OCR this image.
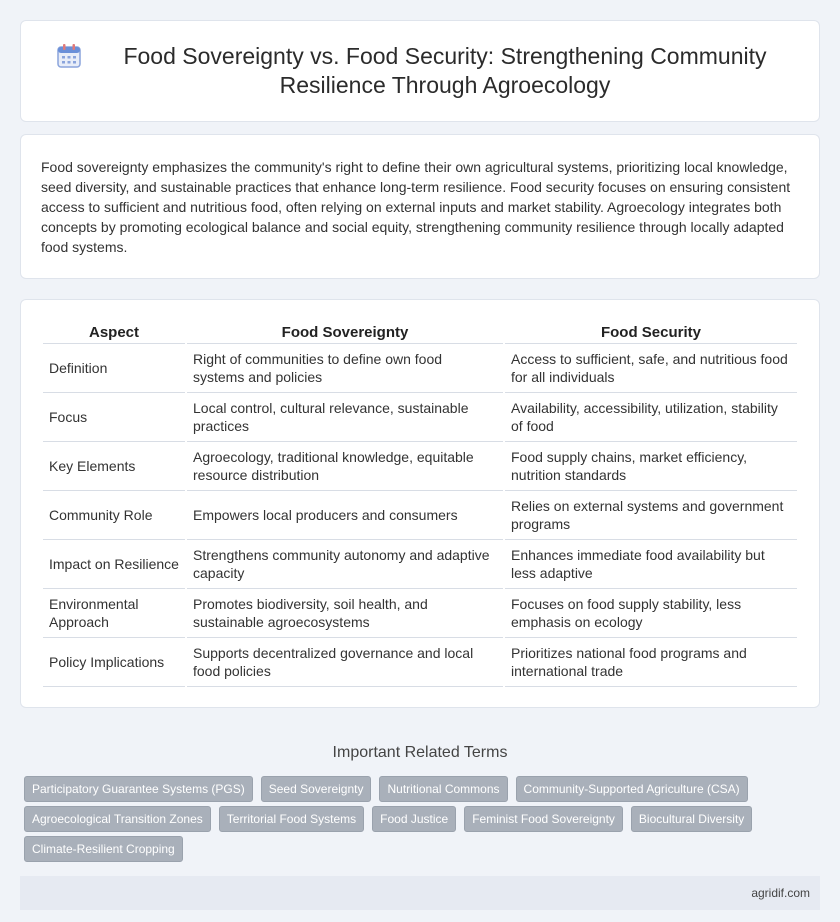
Food Sovereignty vs. Food Security: Strengthening Community Resilience Through Agroecology

Food sovereignty emphasizes the community's right to define their own agricultural systems, prioritizing local knowledge, seed diversity, and sustainable practices that enhance long-term resilience. Food security focuses on ensuring consistent access to sufficient and nutritious food, often relying on external inputs and market stability. Agroecology integrates both concepts by promoting ecological balance and social equity, strengthening community resilience through locally adapted food systems.

Aspect	Food Sovereignty	Food Security
Definition	Right of communities to define own food systems and policies	Access to sufficient, safe, and nutritious food for all individuals
Focus	Local control, cultural relevance, sustainable practices	Availability, accessibility, utilization, stability of food
Key Elements	Agroecology, traditional knowledge, equitable resource distribution	Food supply chains, market efficiency, nutrition standards
Community Role	Empowers local producers and consumers	Relies on external systems and government programs
Impact on Resilience	Strengthens community autonomy and adaptive capacity	Enhances immediate food availability but less adaptive
Environmental Approach	Promotes biodiversity, soil health, and sustainable agroecosystems	Focuses on food supply stability, less emphasis on ecology
Policy Implications	Supports decentralized governance and local food policies	Prioritizes national food programs and international trade
Important Related Terms
Participatory Guarantee Systems (PGS)	Seed Sovereignty	Nutritional Commons	Community-Supported Agriculture (CSA)
Agroecological Transition Zones	Territorial Food Systems	Food Justice	Feminist Food Sovereignty	Biocultural Diversity
Climate-Resilient Cropping
agridif.com
